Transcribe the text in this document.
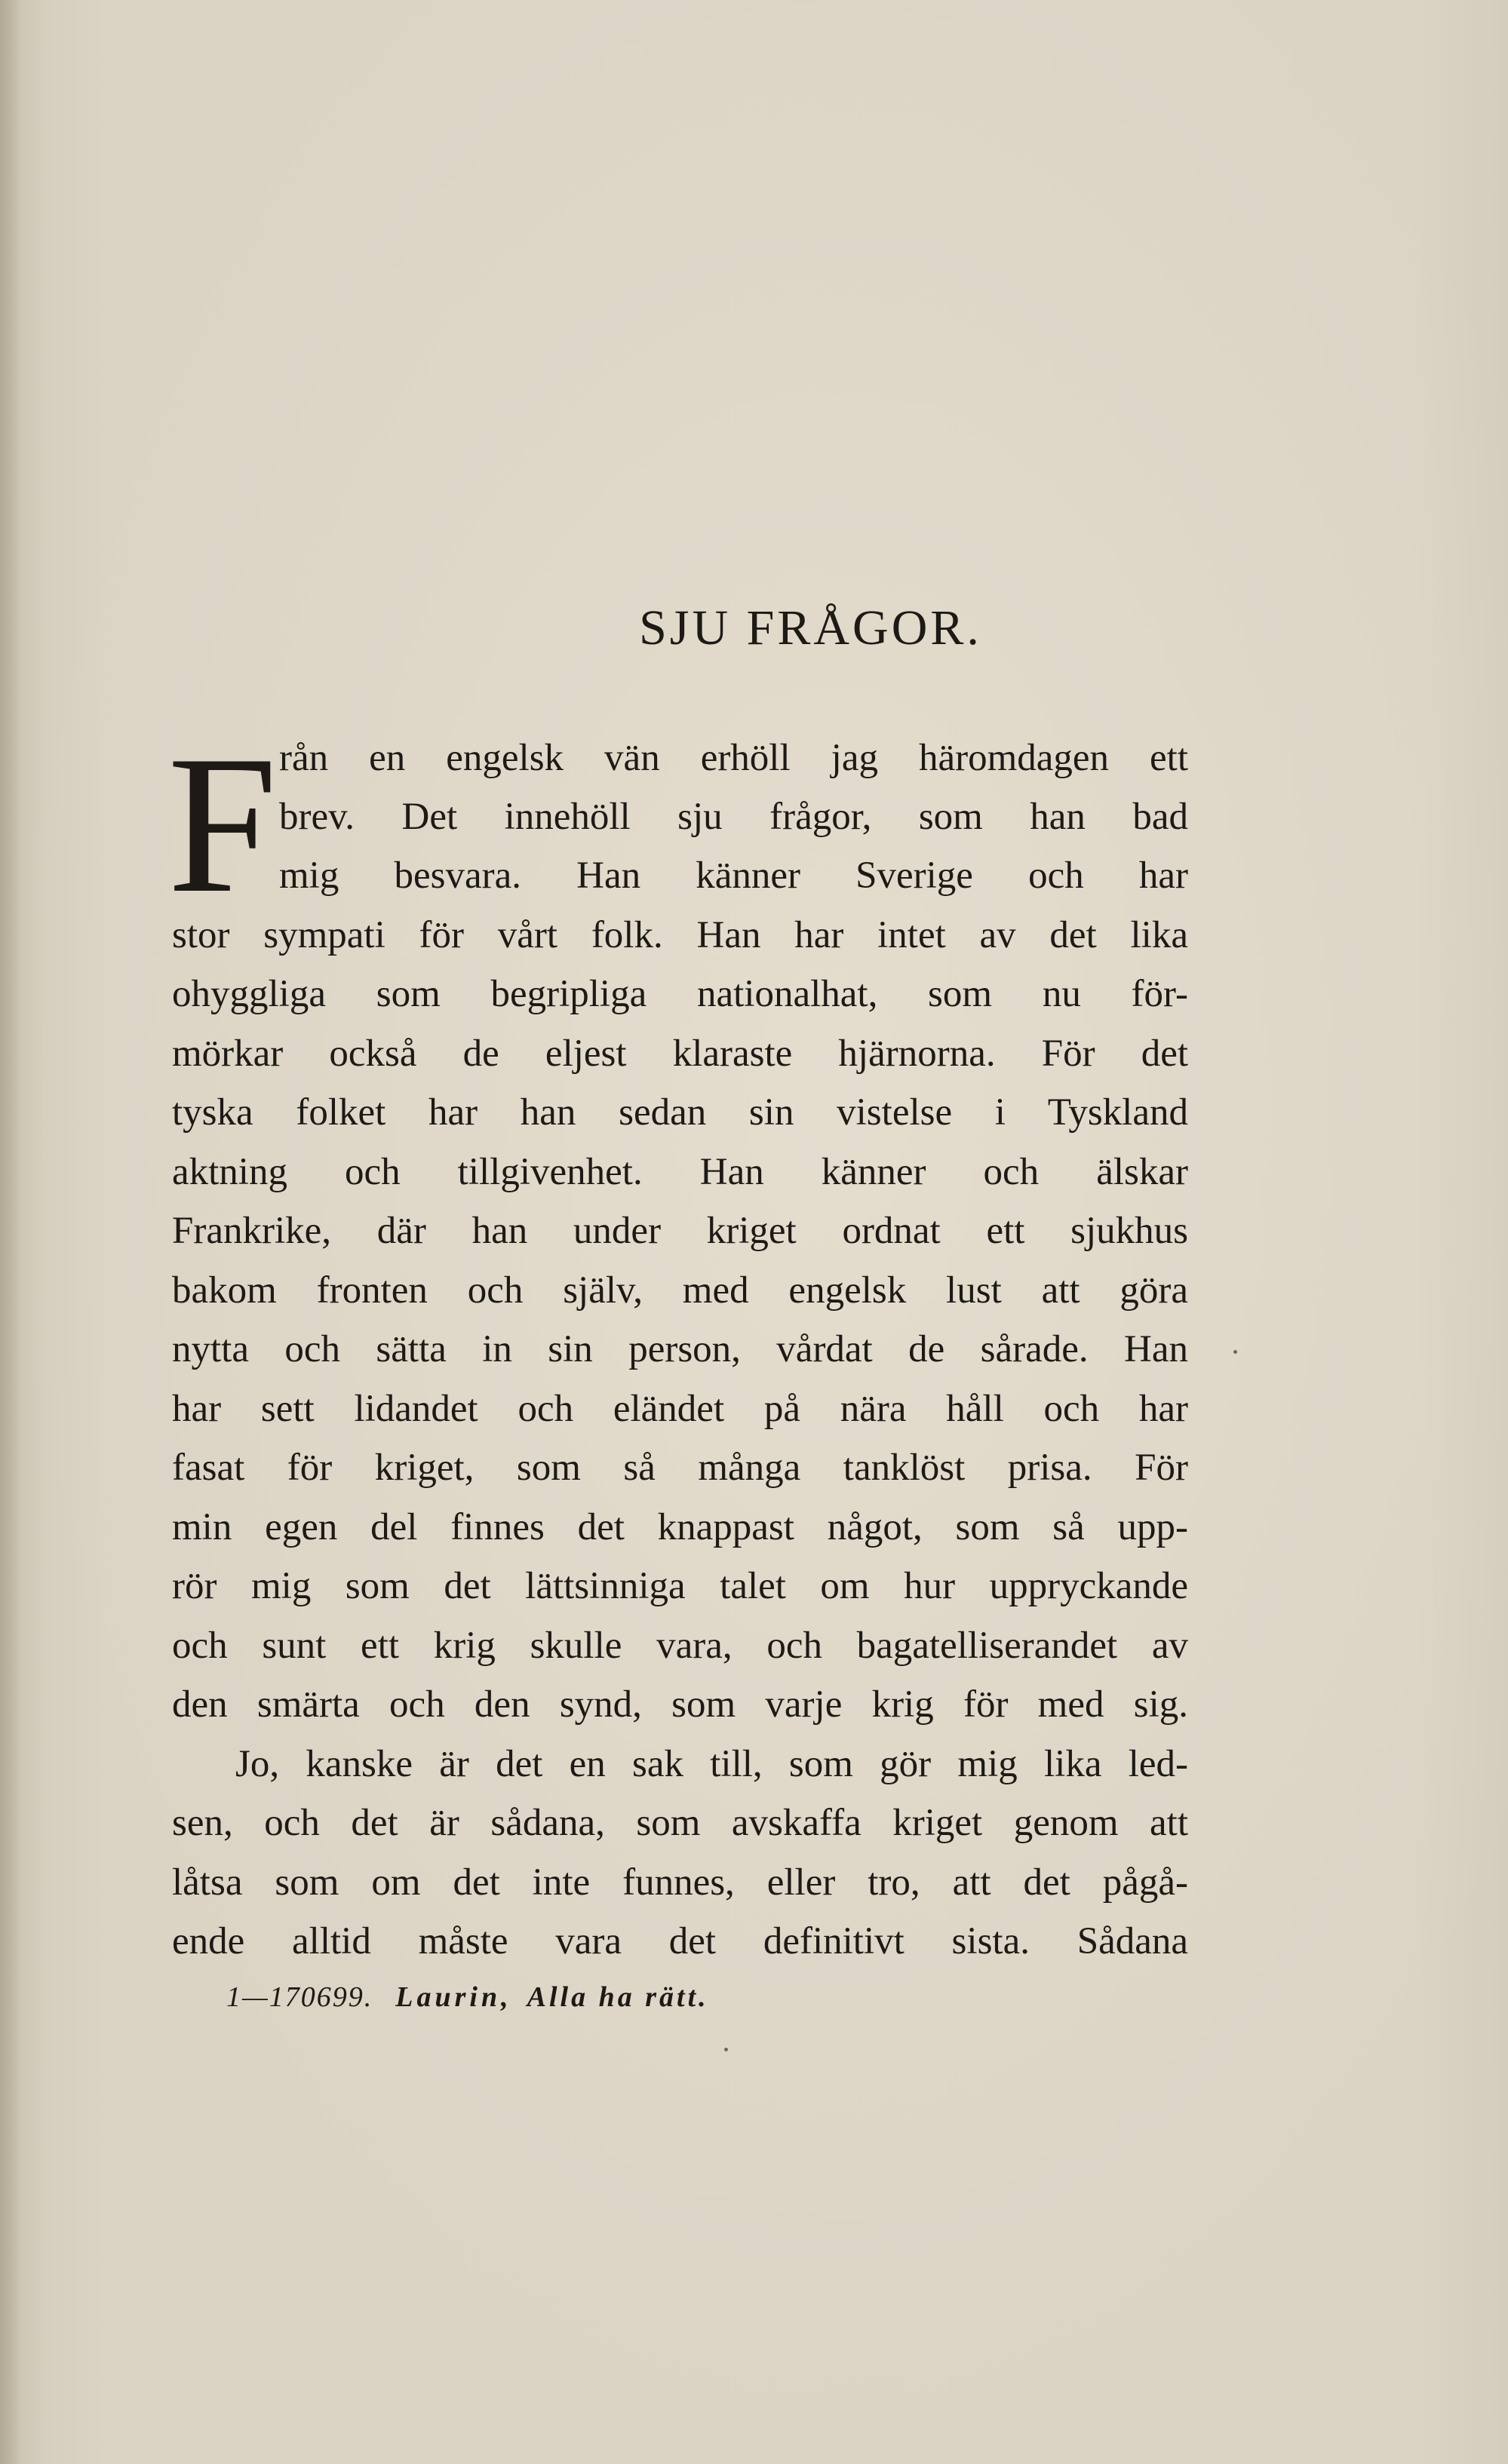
SJU FRÅGOR.
F rån en engelsk vän erhöll jag häromdagen ett
brev. Det innehöll sju frågor, som han bad
mig besvara. Han känner Sverige och har
stor sympati för vårt folk. Han har intet av det lika
ohyggliga som begripliga nationalhat, som nu för-
mörkar också de eljest klaraste hjärnorna. För det
tyska folket har han sedan sin vistelse i Tyskland
aktning och tillgivenhet. Han känner och älskar
Frankrike, där han under kriget ordnat ett sjukhus
bakom fronten och själv, med engelsk lust att göra
nytta och sätta in sin person, vårdat de sårade. Han
har sett lidandet och eländet på nära håll och har
fasat för kriget, som så många tanklöst prisa. För
min egen del finnes det knappast något, som så upp-
rör mig som det lättsinniga talet om hur uppryckande
och sunt ett krig skulle vara, och bagatelliserandet av
den smärta och den synd, som varje krig för med sig.
Jo, kanske är det en sak till, som gör mig lika led-
sen, och det är sådana, som avskaffa kriget genom att
låtsa som om det inte funnes, eller tro, att det pågå-
ende alltid måste vara det definitivt sista. Sådana
1—170699. Laurin, Alla ha rätt.
